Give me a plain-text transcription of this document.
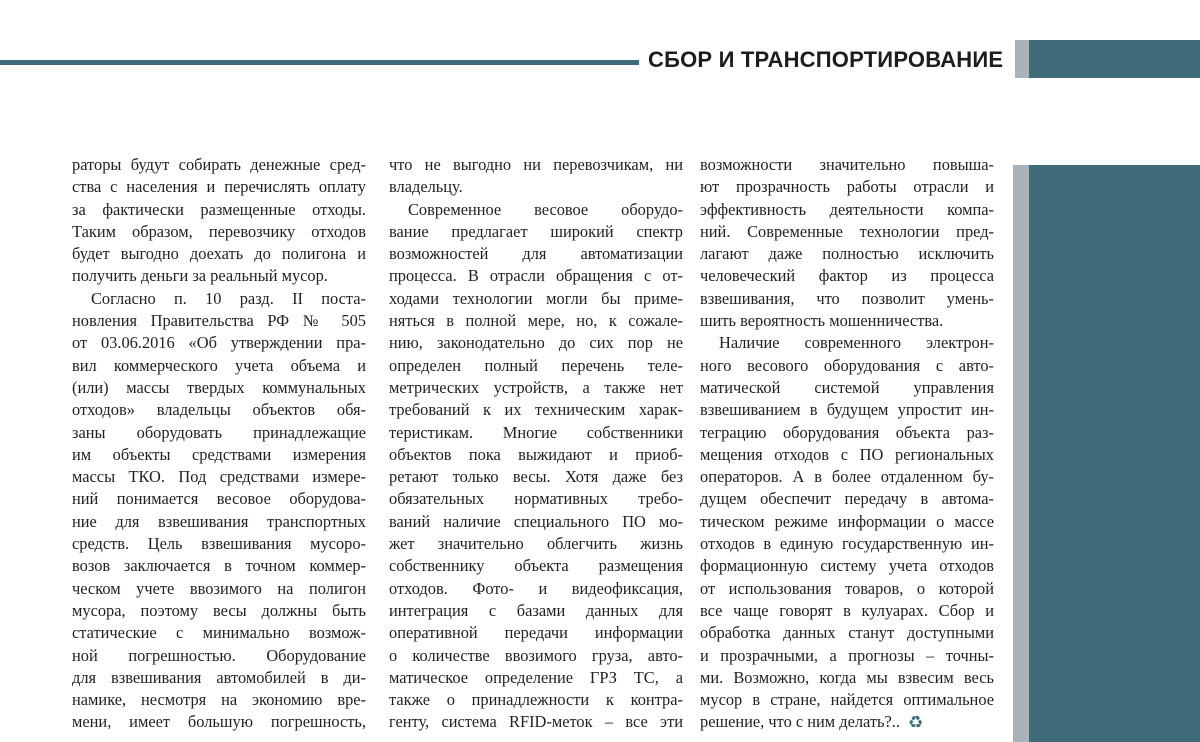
СБОР И ТРАНСПОРТИРОВАНИЕ
раторы будут собирать денежные сред-
ства с населения и перечислять оплату
за фактически размещенные отходы.
Таким образом, перевозчику отходов
будет выгодно доехать до полигона и
получить деньги за реальный мусор.
Согласно п. 10 разд. II поста-
новления Правительства РФ № 505
от 03.06.2016 «Об утверждении пра-
вил коммерческого учета объема и
(или) массы твердых коммунальных
отходов» владельцы объектов обя-
заны оборудовать принадлежащие
им объекты средствами измерения
массы ТКО. Под средствами измере-
ний понимается весовое оборудова-
ние для взвешивания транспортных
средств. Цель взвешивания мусоро-
возов заключается в точном коммер-
ческом учете ввозимого на полигон
мусора, поэтому весы должны быть
статические с минимально возмож-
ной погрешностью. Оборудование
для взвешивания автомобилей в ди-
намике, несмотря на экономию вре-
мени, имеет большую погрешность,
что не выгодно ни перевозчикам, ни
владельцу.
Современное весовое оборудо-
вание предлагает широкий спектр
возможностей для автоматизации
процесса. В отрасли обращения с от-
ходами технологии могли бы приме-
няться в полной мере, но, к сожале-
нию, законодательно до сих пор не
определен полный перечень теле-
метрических устройств, а также нет
требований к их техническим харак-
теристикам. Многие собственники
объектов пока выжидают и приоб-
ретают только весы. Хотя даже без
обязательных нормативных требо-
ваний наличие специального ПО мо-
жет значительно облегчить жизнь
собственнику объекта размещения
отходов. Фото- и видеофиксация,
интеграция с базами данных для
оперативной передачи информации
о количестве ввозимого груза, авто-
матическое определение ГРЗ ТС, а
также о принадлежности к контра-
генту, система RFID-меток – все эти
возможности значительно повыша-
ют прозрачность работы отрасли и
эффективность деятельности компа-
ний. Современные технологии пред-
лагают даже полностью исключить
человеческий фактор из процесса
взвешивания, что позволит умень-
шить вероятность мошенничества.
Наличие современного электрон-
ного весового оборудования с авто-
матической системой управления
взвешиванием в будущем упростит ин-
теграцию оборудования объекта раз-
мещения отходов с ПО региональных
операторов. А в более отдаленном бу-
дущем обеспечит передачу в автома-
тическом режиме информации о массе
отходов в единую государственную ин-
формационную систему учета отходов
от использования товаров, о которой
все чаще говорят в кулуарах. Сбор и
обработка данных станут доступными
и прозрачными, а прогнозы – точны-
ми. Возможно, когда мы взвесим весь
мусор в стране, найдется оптимальное
решение, что с ним делать?.. ♻
